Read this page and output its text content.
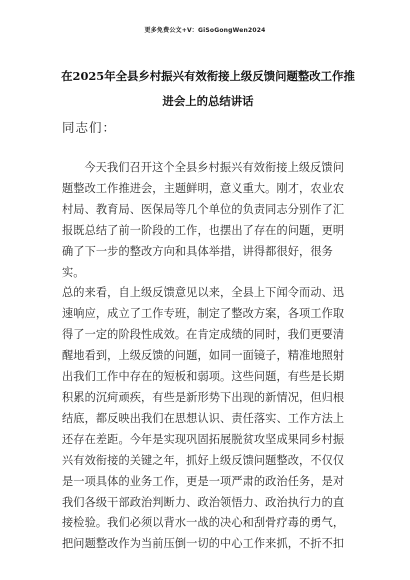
更多免费公文+V：GiSoGongWen2024
在2025年全县乡村振兴有效衔接上级反馈问题整改工作推进会上的总结讲话
同志们：

今天我们召开这个全县乡村振兴有效衔接上级反馈问题整改工作推进会，主题鲜明，意义重大。刚才，农业农村局、教育局、医保局等几个单位的负责同志分别作了汇报既总结了前一阶段的工作，也摆出了存在的问题，更明确了下一步的整改方向和具体举措，讲得都很好，很务实。

总的来看，自上级反馈意见以来，全县上下闻令而动、迅速响应，成立了工作专班，制定了整改方案，各项工作取得了一定的阶段性成效。在肯定成绩的同时，我们更要清醒地看到，上级反馈的问题，如同一面镜子，精准地照射出我们工作中存在的短板和弱项。这些问题，有些是长期积累的沉疴顽疾，有些是新形势下出现的新情况，但归根结底，都反映出我们在思想认识、责任落实、工作方法上还存在差距。今年是实现巩固拓展脱贫攻坚成果同乡村振兴有效衔接的关键之年，抓好上级反馈问题整改，不仅仅是一项具体的业务工作，更是一项严肃的政治任务，是对我们各级干部政治判断力、政治领悟力、政治执行力的直接检验。我们必须以背水一战的决心和刮骨疗毒的勇气，把问题整改作为当前压倒一切的中心工作来抓，不折不扣
